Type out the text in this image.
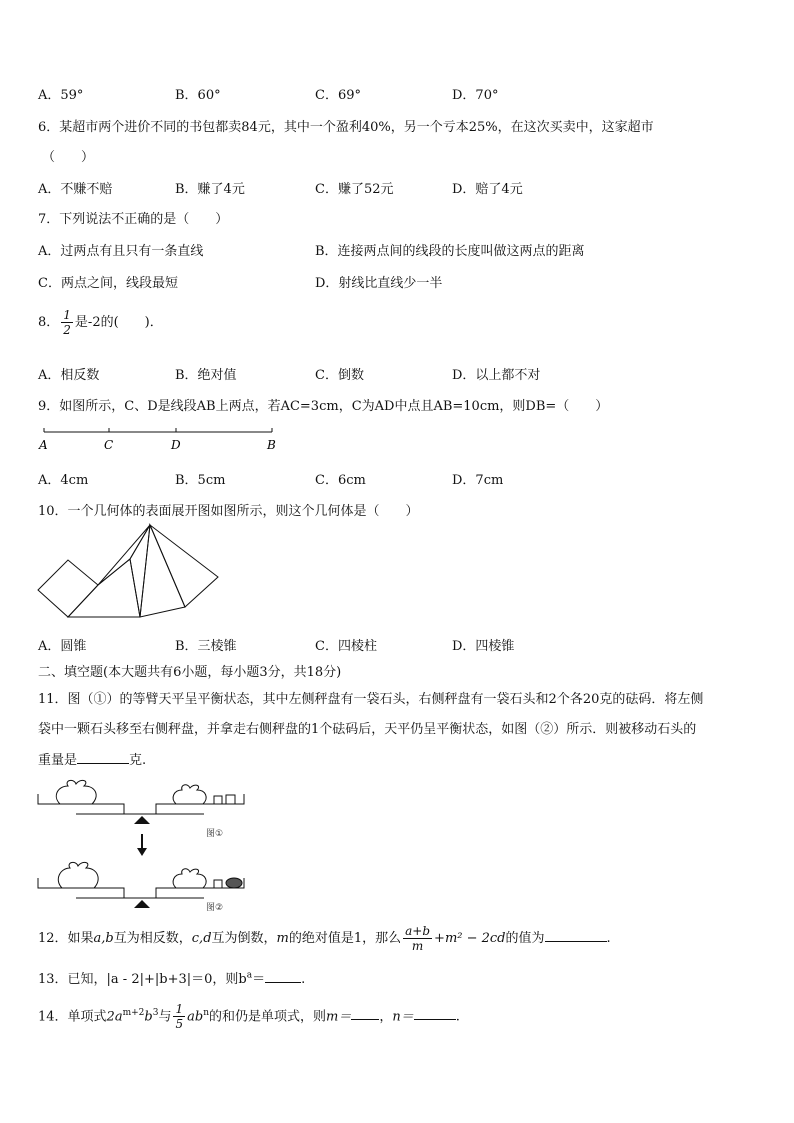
A．59°	B．60°	C．69°	D．70°
6．某超市两个进价不同的书包都卖84元，其中一个盈利40%，另一个亏本25%，在这次买卖中，这家超市
（　　）
A．不赚不赔	B．赚了4元	C．赚了52元	D．赔了4元
7．下列说法不正确的是（　　）
A．过两点有且只有一条直线	B．连接两点间的线段的长度叫做这两点的距离
C．两点之间，线段最短	D．射线比直线少一半
8． $\frac{1}{2}$ 是-2的(　　)．
A．相反数	B．绝对值	C．倒数	D．以上都不对
9．如图所示，C、D是线段AB上两点，若AC=3cm，C为AD中点且AB=10cm，则DB=（　　）
A	C	D	B
A．4cm	B．5cm	C．6cm	D．7cm
10．一个几何体的表面展开图如图所示，则这个几何体是（　　）
A．圆锥	B．三棱锥	C．四棱柱	D．四棱锥
二、填空题(本大题共有6小题，每小题3分，共18分)
11．图（①）的等臂天平呈平衡状态，其中左侧秤盘有一袋石头，右侧秤盘有一袋石头和2个各20克的砝码．将左侧
袋中一颗石头移至右侧秤盘，并拿走右侧秤盘的1个砝码后，天平仍呈平衡状态，如图（②）所示．则被移动石头的
重量是	克.
图①
图②
12．如果a,b互为相反数，c,d互为倒数，m的绝对值是1，那么 $\frac{a+b}{m} +m^2 - 2cd$的值为	.
13．已知，|a - 2|+|b+3|＝0，则$b^a=$	.
14．单项式$2a^{m+2}b^3$与 $\frac{1}{5} ab^n$的和仍是单项式，则m＝ ，n＝	.
